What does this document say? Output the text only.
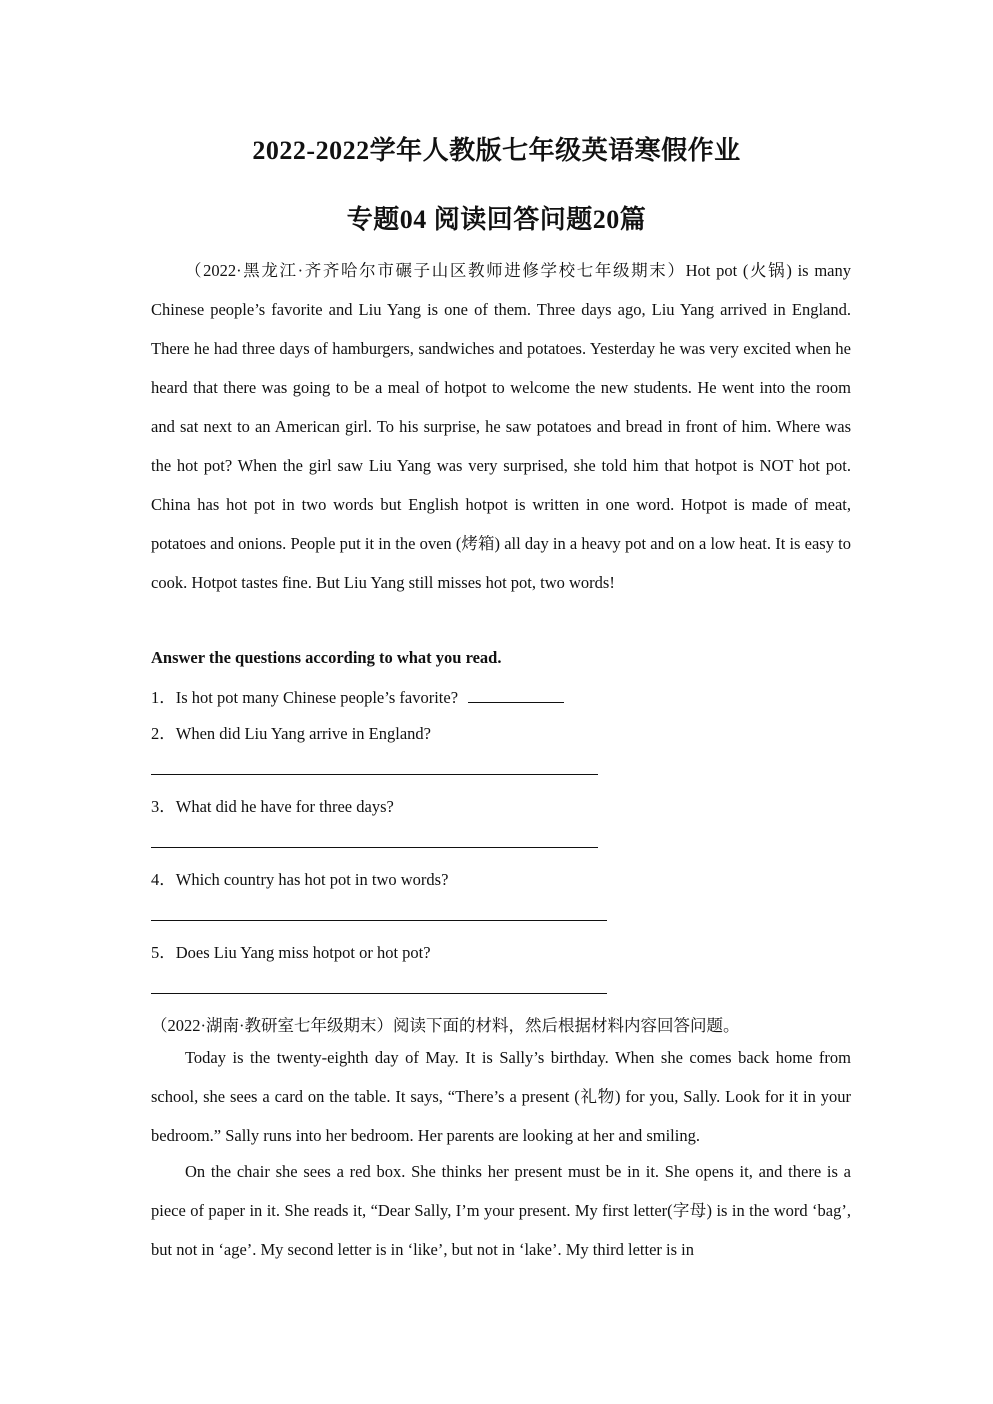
2022-2022学年人教版七年级英语寒假作业
专题04 阅读回答问题20篇

（2022·黑龙江·齐齐哈尔市碾子山区教师进修学校七年级期末）Hot pot (火锅) is many Chinese people’s favorite and Liu Yang is one of them. Three days ago, Liu Yang arrived in England. There he had three days of hamburgers, sandwiches and potatoes. Yesterday he was very excited when he heard that there was going to be a meal of hotpot to welcome the new students. He went into the room and sat next to an American girl. To his surprise, he saw potatoes and bread in front of him. Where was the hot pot? When the girl saw Liu Yang was very surprised, she told him that hotpot is NOT hot pot. China has hot pot in two words but English hotpot is written in one word. Hotpot is made of meat, potatoes and onions. People put it in the oven (烤箱) all day in a heavy pot and on a low heat. It is easy to cook. Hotpot tastes fine. But Liu Yang still misses hot pot, two words!

Answer the questions according to what you read.
1．Is hot pot many Chinese people’s favorite?
2．When did Liu Yang arrive in England?
3．What did he have for three days?
4．Which country has hot pot in two words?
5．Does Liu Yang miss hotpot or hot pot?
（2022·湖南·教研室七年级期末）阅读下面的材料，然后根据材料内容回答问题。

Today is the twenty-eighth day of May. It is Sally’s birthday. When she comes back home from school, she sees a card on the table. It says, “There’s a present (礼物) for you, Sally. Look for it in your bedroom.” Sally runs into her bedroom. Her parents are looking at her and smiling.

On the chair she sees a red box. She thinks her present must be in it. She opens it, and there is a piece of paper in it. She reads it, “Dear Sally, I’m your present. My first letter(字母) is in the word ‘bag’, but not in ‘age’. My second letter is in ‘like’, but not in ‘lake’. My third letter is in
